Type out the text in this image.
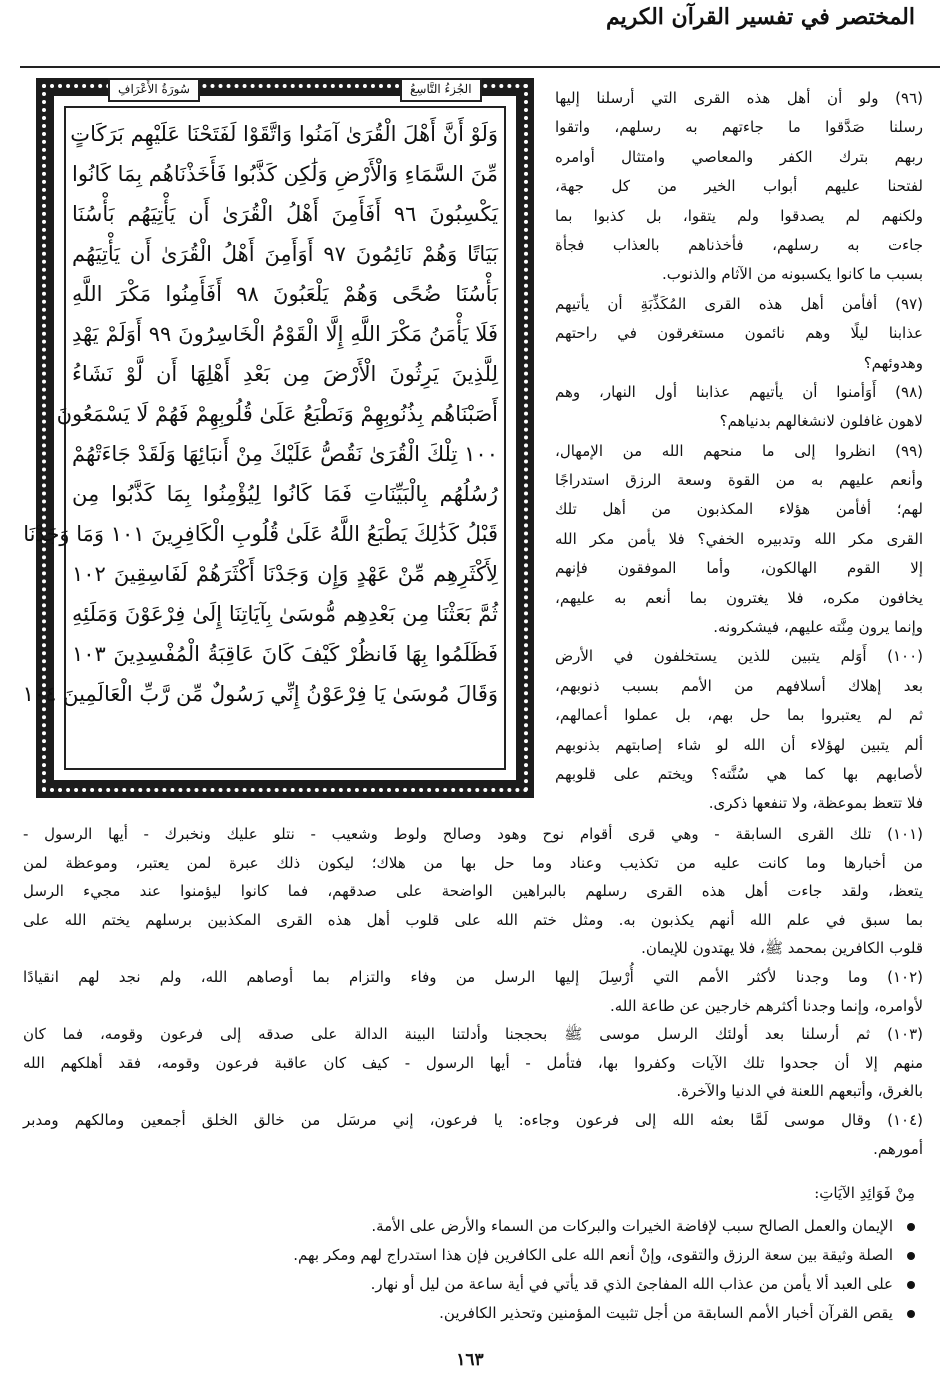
المختصر في تفسير القرآن الكريم
وَلَوْ أَنَّ أَهْلَ الْقُرَىٰ آمَنُوا وَاتَّقَوْا لَفَتَحْنَا عَلَيْهِم بَرَكَاتٍ
مِّنَ السَّمَاءِ وَالْأَرْضِ وَلَٰكِن كَذَّبُوا فَأَخَذْنَاهُم بِمَا كَانُوا
يَكْسِبُونَ ٩٦ أَفَأَمِنَ أَهْلُ الْقُرَىٰ أَن يَأْتِيَهُم بَأْسُنَا
بَيَاتًا وَهُمْ نَائِمُونَ ٩٧ أَوَأَمِنَ أَهْلُ الْقُرَىٰ أَن يَأْتِيَهُم
بَأْسُنَا ضُحًى وَهُمْ يَلْعَبُونَ ٩٨ أَفَأَمِنُوا مَكْرَ اللَّهِ
فَلَا يَأْمَنُ مَكْرَ اللَّهِ إِلَّا الْقَوْمُ الْخَاسِرُونَ ٩٩ أَوَلَمْ يَهْدِ
لِلَّذِينَ يَرِثُونَ الْأَرْضَ مِن بَعْدِ أَهْلِهَا أَن لَّوْ نَشَاءُ
أَصَبْنَاهُم بِذُنُوبِهِمْ وَنَطْبَعُ عَلَىٰ قُلُوبِهِمْ فَهُمْ لَا يَسْمَعُونَ
١٠٠ تِلْكَ الْقُرَىٰ نَقُصُّ عَلَيْكَ مِنْ أَنبَائِهَا وَلَقَدْ جَاءَتْهُمْ
رُسُلُهُم بِالْبَيِّنَاتِ فَمَا كَانُوا لِيُؤْمِنُوا بِمَا كَذَّبُوا مِن
قَبْلُ كَذَٰلِكَ يَطْبَعُ اللَّهُ عَلَىٰ قُلُوبِ الْكَافِرِينَ ١٠١ وَمَا وَجَدْنَا
لِأَكْثَرِهِم مِّنْ عَهْدٍ وَإِن وَجَدْنَا أَكْثَرَهُمْ لَفَاسِقِينَ ١٠٢
ثُمَّ بَعَثْنَا مِن بَعْدِهِم مُّوسَىٰ بِآيَاتِنَا إِلَىٰ فِرْعَوْنَ وَمَلَئِهِ
فَظَلَمُوا بِهَا فَانظُرْ كَيْفَ كَانَ عَاقِبَةُ الْمُفْسِدِينَ ١٠٣
وَقَالَ مُوسَىٰ يَا فِرْعَوْنُ إِنِّي رَسُولٌ مِّن رَّبِّ الْعَالَمِينَ ١٠٤
الجُزءُ التَّاسِعُ
سُورَةُ الأَعْرَافِ	(٩٦) ولو أن أهل هذه القرى التي أرسلنا إليها
رسلنا صَدَّقوا ما جاءتهم به رسلهم، واتقوا
ربهم بترك الكفر والمعاصي وامتثال أوامره
لفتحنا عليهم أبواب الخير من كل جهة،
ولكنهم لم يصدقوا ولم يتقوا، بل كذبوا بما
جاءت به رسلهم، فأخذناهم بالعذاب فجأة
بسبب ما كانوا يكسبونه من الآثام والذنوب.
(٩٧) أفأمن أهل هذه القرى المُكَذِّبَةِ أن يأتيهم
عذابنا ليلًا وهم نائمون مستغرقون في راحتهم
وهدوئهم؟
(٩٨) أَوَأمنوا أن يأتيهم عذابنا أول النهار، وهم
لاهون غافلون لانشغالهم بدنياهم؟
(٩٩) انظروا إلى ما منحهم الله من الإمهال،
وأنعم عليهم به من القوة وسعة الرزق استدراجًا
لهم؛ أفأمن هؤلاء المكذبون من أهل تلك
القرى مكر الله وتدبيره الخفي؟ فلا يأمن مكر الله
إلا القوم الهالكون، وأما الموفقون فإنهم
يخافون مكره، فلا يغترون بما أنعم به عليهم،
وإنما يرون مِنَّته عليهم، فيشكرونه.
(١٠٠) أَوَلم يتبين للذين يستخلفون في الأرض
بعد إهلاك أسلافهم من الأمم بسبب ذنوبهم،
ثم لم يعتبروا بما حل بهم، بل عملوا أعمالهم،
ألم يتبين لهؤلاء أن الله لو شاء إصابتهم بذنوبهم
لأصابهم بها كما هي سُنَّته؟ ويختم على قلوبهم
فلا تتعظ بموعظة، ولا تنفعها ذكرى.
(١٠١) تلك القرى السابقة - وهي قرى أقوام نوح وهود وصالح ولوط وشعيب - نتلو عليك ونخبرك - أيها الرسول -
من أخبارها وما كانت عليه من تكذيب وعناد وما حل بها من هلاك؛ ليكون ذلك عبرة لمن يعتبر، وموعظة لمن
يتعظ، ولقد جاءت أهل هذه القرى رسلهم بالبراهين الواضحة على صدقهم، فما كانوا ليؤمنوا عند مجيء الرسل
بما سبق في علم الله أنهم يكذبون به. ومثل ختم الله على قلوب أهل هذه القرى المكذبين برسلهم يختم الله على
قلوب الكافرين بمحمد ﷺ، فلا يهتدون للإيمان.
(١٠٢) وما وجدنا لأكثر الأمم التي أُرْسِلَ إليها الرسل من وفاء والتزام بما أوصاهم الله، ولم نجد لهم انقيادًا
لأوامره، وإنما وجدنا أكثرهم خارجين عن طاعة الله.
(١٠٣) ثم أرسلنا بعد أولئك الرسل موسى ﷺ بحججنا وأدلتنا البينة الدالة على صدقه إلى فرعون وقومه، فما كان
منهم إلا أن جحدوا تلك الآيات وكفروا بها، فتأمل - أيها الرسول - كيف كان عاقبة فرعون وقومه، فقد أهلكهم الله
بالغرق، وأتبعهم اللعنة في الدنيا والآخرة.
(١٠٤) وقال موسى لَمَّا بعثه الله إلى فرعون وجاءه: يا فرعون، إني مرسَل من خالق الخلق أجمعين ومالكهم ومدبر
أمورهم.
مِنْ فَوَائِدِ الآيَاتِ:
الإيمان والعمل الصالح سبب لإفاضة الخيرات والبركات من السماء والأرض على الأمة.
الصلة وثيقة بين سعة الرزق والتقوى، وإنْ أنعم الله على الكافرين فإن هذا استدراج لهم ومكر بهم.
على العبد ألا يأمن من عذاب الله المفاجئ الذي قد يأتي في أية ساعة من ليل أو نهار.
يقص القرآن أخبار الأمم السابقة من أجل تثبيت المؤمنين وتحذير الكافرين.
١٦٣
